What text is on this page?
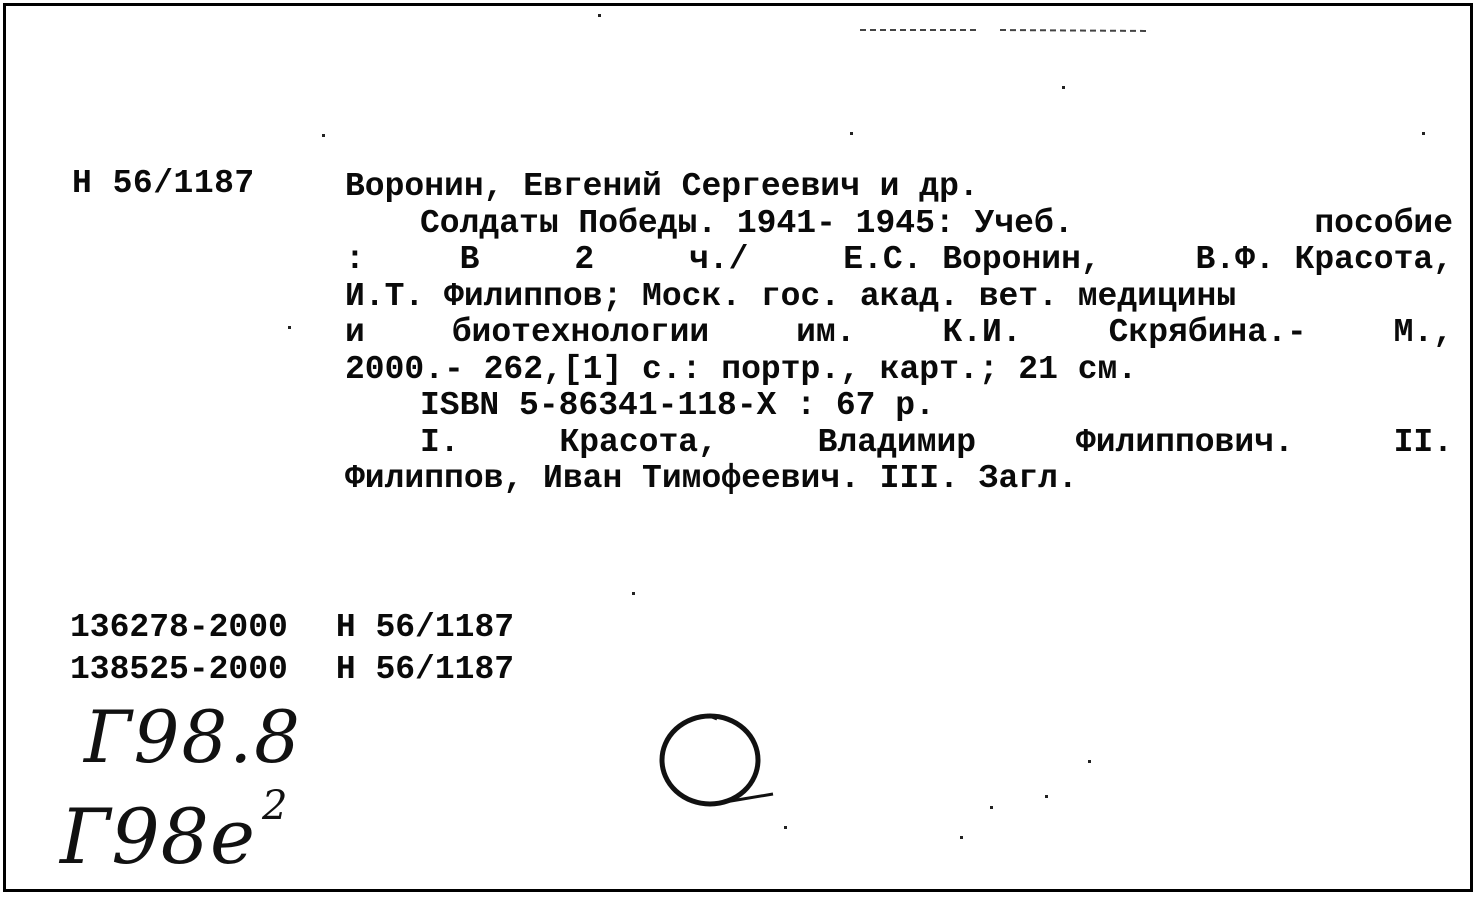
Н 56/1187	Воронин, Евгений Сергеевич и др.
Солдаты Победы. 1941- 1945: Учеб.	пособие
:	В	2	ч./	Е.С. Воронин,	В.Ф. Красота,
И.Т. Филиппов; Моск. гос. акад. вет. медицины
и	биотехнологии	им.	К.И.	Скрябина.-	М.,
2000.- 262,[1] с.: портр., карт.; 21 см.
ISBN 5-86341-118-Х : 67 р.
I.	Красота,	Владимир	Филиппович.	II.
Филиппов, Иван Тимофеевич. III. Загл.
136278-2000 Н 56/1187
138525-2000 Н 56/1187
Г98.8
Г98е $^2$
